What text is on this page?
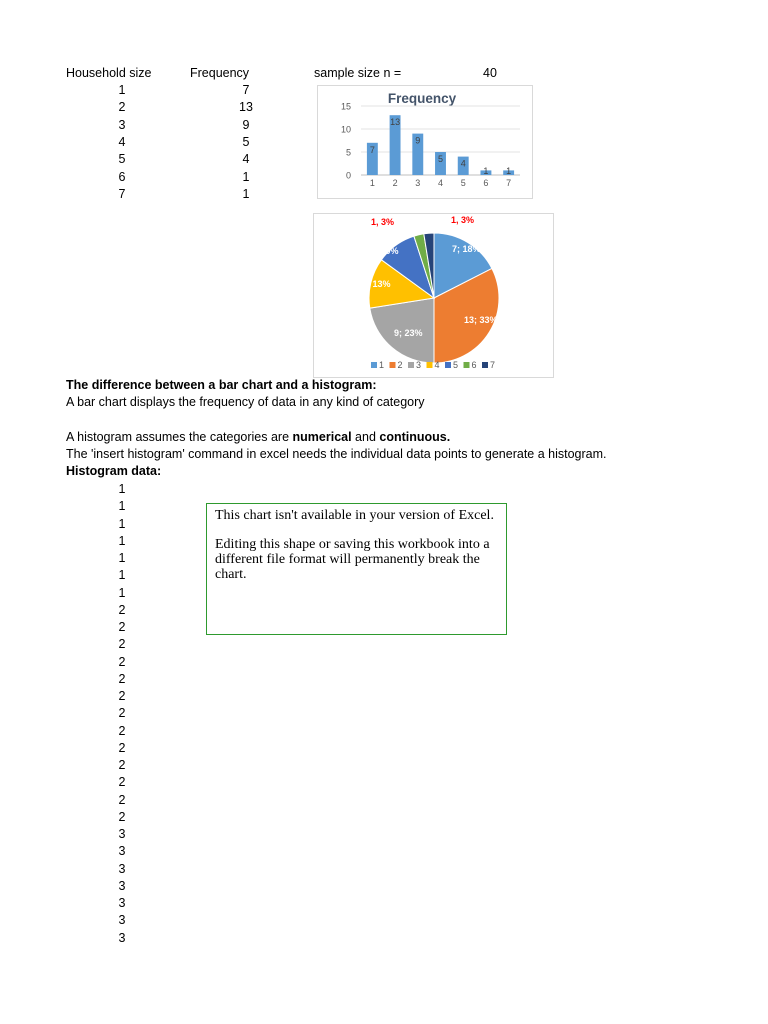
Household size	Frequency	sample size n =	40
1	7
2	13
3	9
4	5
5	4
6	1
7	1
Frequency
0
5
10
15
7
1
13
2
9
3
5
4
4
5
1
6
1
7
7; 18%
13; 33%
9; 23%
5; 13%
4; 10%
1, 3%	1, 3%
1 2 3 4 5 6 7
The difference between a bar chart and a histogram:
A bar chart displays the frequency of data in any kind of category
A histogram assumes the categories are numerical and continuous.
The 'insert histogram' command in excel needs the individual data points to generate a histogram.
Histogram data:
1
1
1
1
1
1
1
2
2
2
2
2
2
2
2
2
2
2
2
2
3
3
3
3
3
3
3

This chart isn't available in your version of Excel.

Editing this shape or saving this workbook into a different file format will permanently break the chart.
